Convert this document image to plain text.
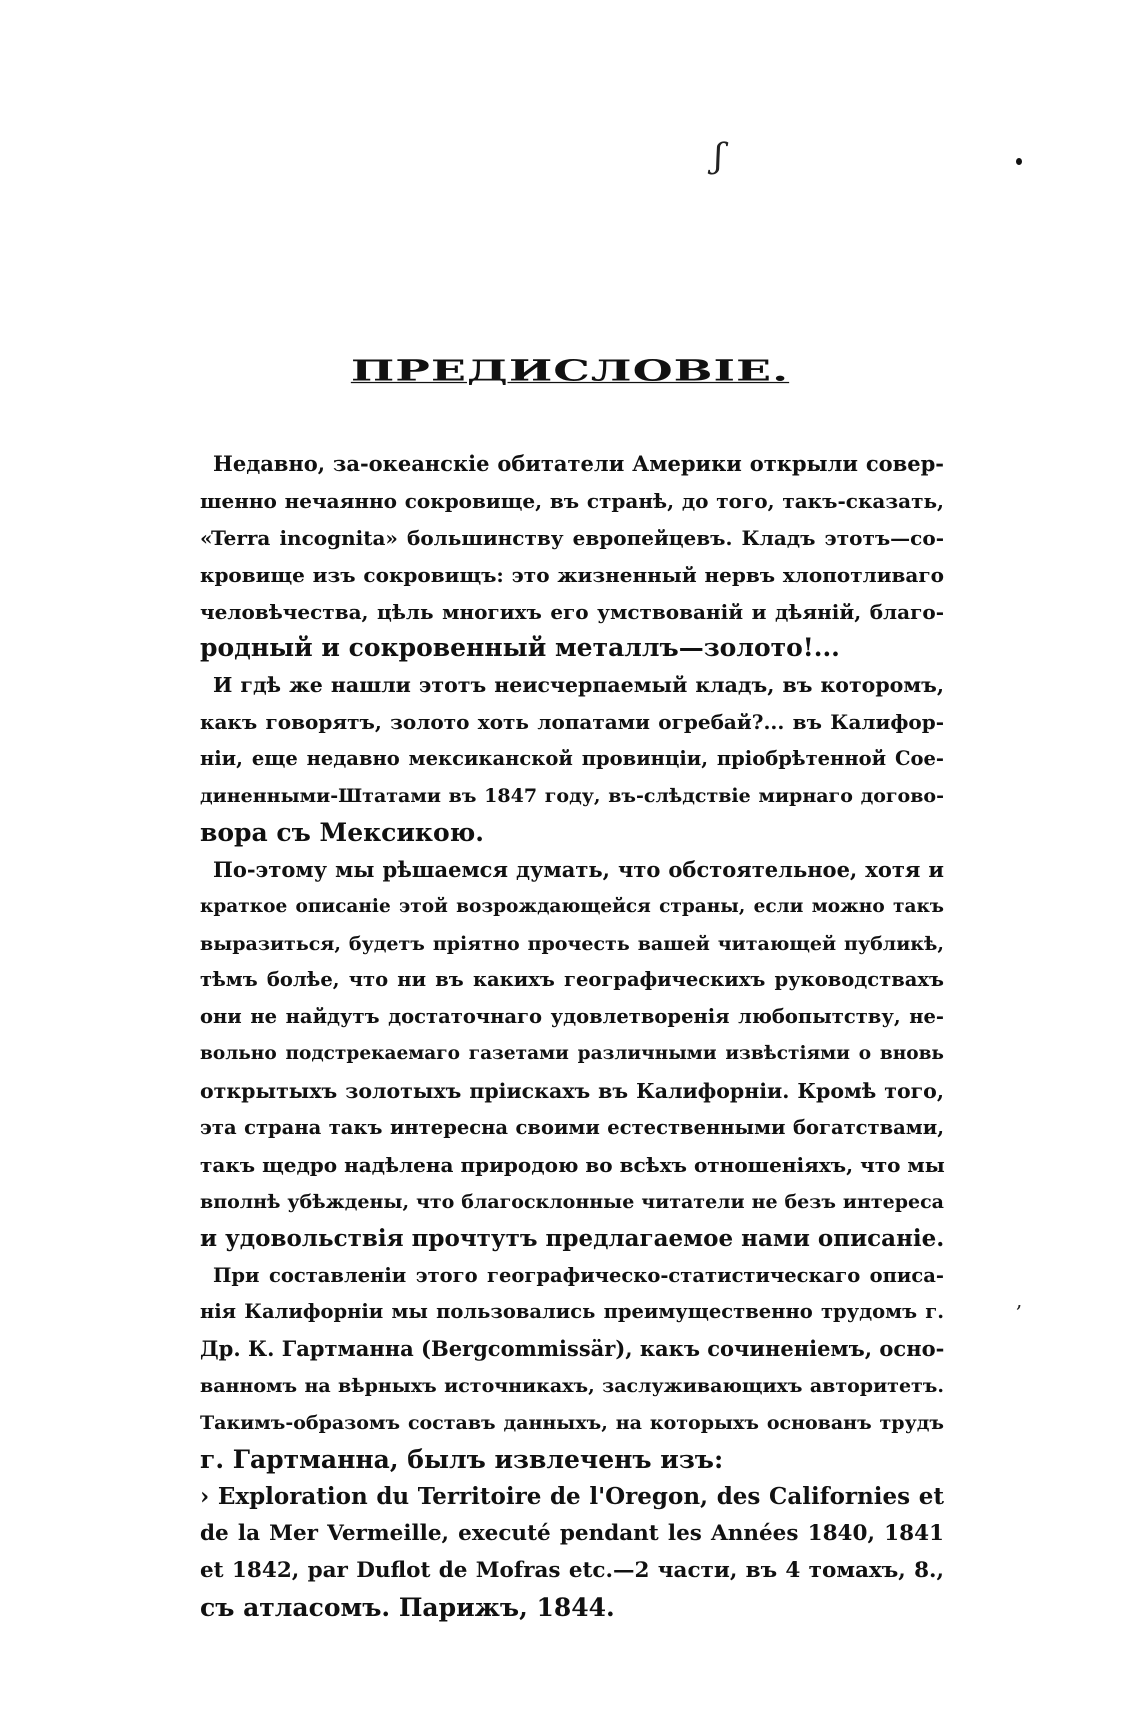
ʃ
ПРЕДИСЛОВІЕ.
Недавно, за-океанскіе обитатели Америки открыли совер-
шенно нечаянно сокровище, въ странѣ, до того, такъ-сказать,
«Terra incognita» большинству европейцевъ. Кладъ этотъ—со-
кровище изъ сокровищъ: это жизненный нервъ хлопотливаго
человѣчества, цѣль многихъ его умствованій и дѣяній, благо-
родный и сокровенный металлъ—золото!...
И гдѣ же нашли этотъ неисчерпаемый кладъ, въ которомъ,
какъ говорятъ, золото хоть лопатами огребай?... въ Калифор-
ніи, еще недавно мексиканской провинціи, пріобрѣтенной Сое-
диненными-Штатами въ 1847 году, въ-слѣдствіе мирнаго догово-
вора съ Мексикою.
По-этому мы рѣшаемся думать, что обстоятельное, хотя и
краткое описаніе этой возрождающейся страны, если можно такъ
выразиться, будетъ пріятно прочесть вашей читающей публикѣ,
тѣмъ болѣе, что ни въ какихъ географическихъ руководствахъ
они не найдутъ достаточнаго удовлетворенія любопытству, не-
вольно подстрекаемаго газетами различными извѣстіями о вновь
открытыхъ золотыхъ пріискахъ въ Калифорніи. Кромѣ того,
эта страна такъ интересна своими естественными богатствами,
такъ щедро надѣлена природою во всѣхъ отношеніяхъ, что мы
вполнѣ убѣждены, что благосклонные читатели не безъ интереса
и удовольствія прочтутъ предлагаемое нами описаніе.
При составленіи этого географическо-статистическаго описа-
нія Калифорніи мы пользовались преимущественно трудомъ г.
Др. К. Гартманна (Bergcommissär), какъ сочиненіемъ, осно-
ванномъ на вѣрныхъ источникахъ, заслуживающихъ авторитетъ.
Такимъ-образомъ составъ данныхъ, на которыхъ основанъ трудъ
г. Гартманна, былъ извлеченъ изъ:
› Exploration du Territoire de l'Oregon, des Californies et
de la Mer Vermeille, executé pendant les Années 1840, 1841
et 1842, par Duflot de Mofras etc.—2 части, въ 4 томахъ, 8.,
съ атласомъ. Парижъ, 1844.
,
